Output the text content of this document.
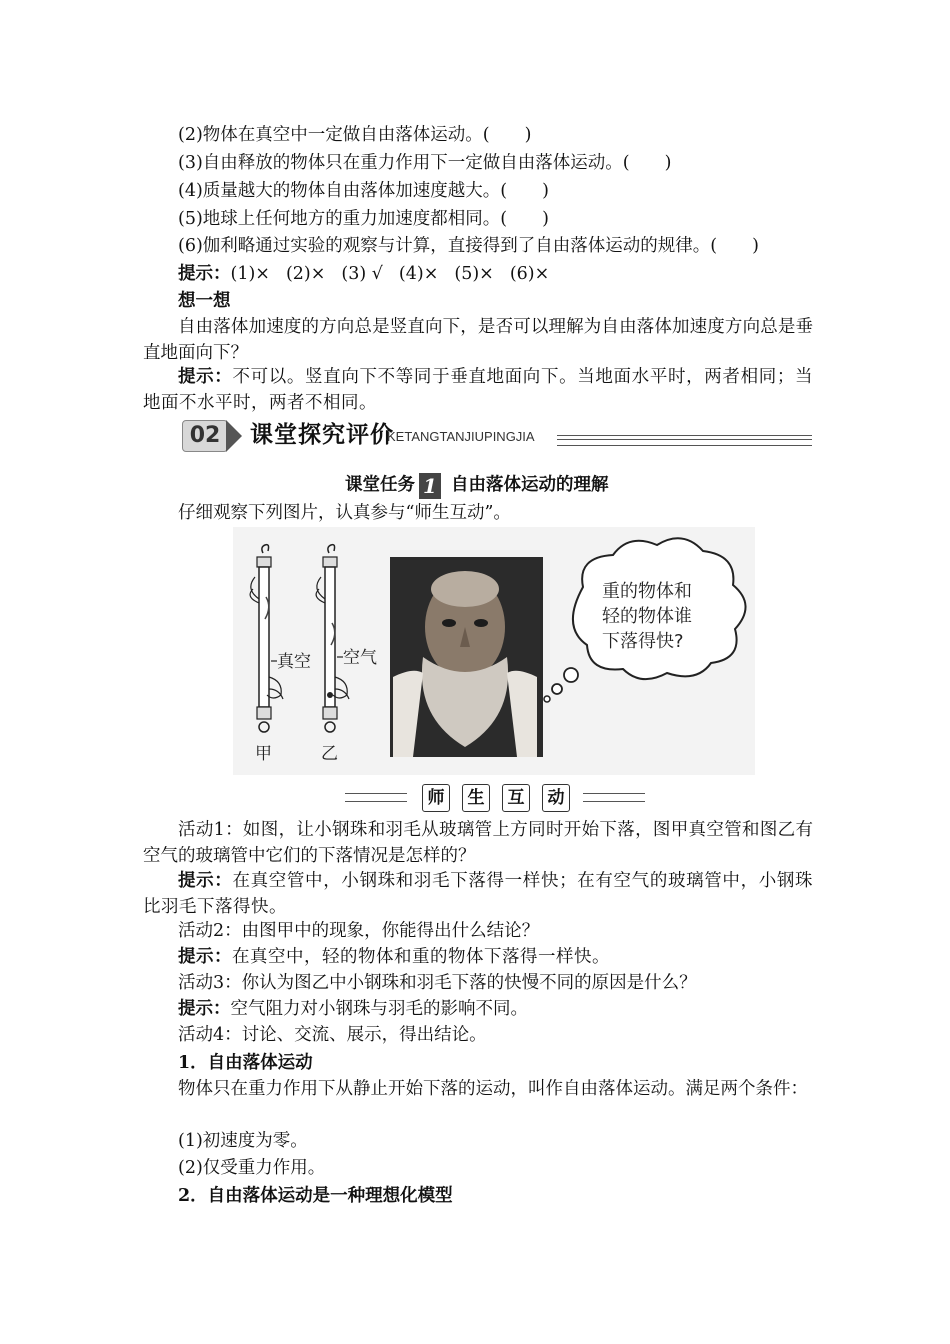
(2)物体在真空中一定做自由落体运动。(　　)
(3)自由释放的物体只在重力作用下一定做自由落体运动。(　　)
(4)质量越大的物体自由落体加速度越大。(　　)
(5)地球上任何地方的重力加速度都相同。(　　)
(6)伽利略通过实验的观察与计算，直接得到了自由落体运动的规律。(　　)
提示：(1)× (2)× (3) √ (4)× (5)× (6)×
想一想
自由落体加速度的方向总是竖直向下，是否可以理解为自由落体加速度方向总是垂直地面向下？
提示：不可以。竖直向下不等同于垂直地面向下。当地面水平时，两者相同；当地面不水平时，两者不相同。
02	课堂探究评价
KETANGTANJIUPINGJIA
课堂任务 1 自由落体运动的理解
仔细观察下列图片，认真参与“师生互动”。
真空
甲
空气
乙
重的物体和
轻的物体谁
下落得快?
师	生	互	动
活动1：如图，让小钢珠和羽毛从玻璃管上方同时开始下落，图甲真空管和图乙有空气的玻璃管中它们的下落情况是怎样的？
提示：在真空管中，小钢珠和羽毛下落得一样快；在有空气的玻璃管中，小钢珠比羽毛下落得快。
活动2：由图甲中的现象，你能得出什么结论？
提示：在真空中，轻的物体和重的物体下落得一样快。
活动3：你认为图乙中小钢珠和羽毛下落的快慢不同的原因是什么？
提示：空气阻力对小钢珠与羽毛的影响不同。
活动4：讨论、交流、展示，得出结论。
1．自由落体运动
物体只在重力作用下从静止开始下落的运动，叫作自由落体运动。满足两个条件：
(1)初速度为零。
(2)仅受重力作用。
2．自由落体运动是一种理想化模型
